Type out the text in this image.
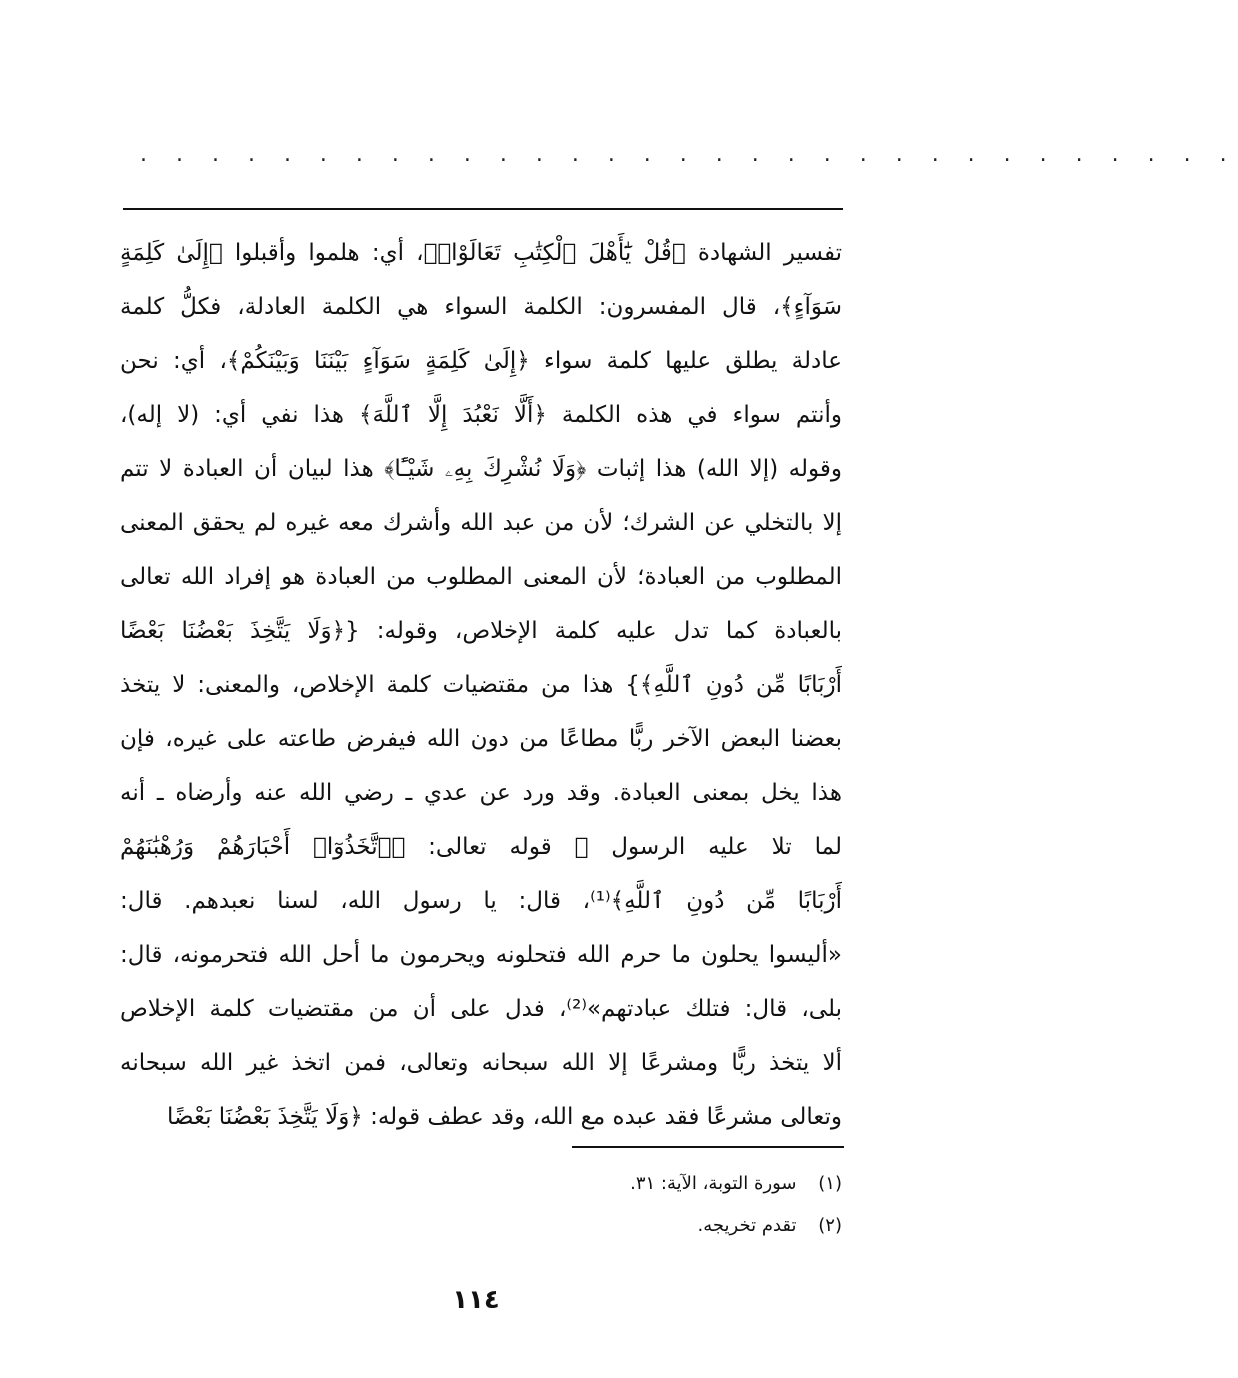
. . . . . . . . . . . . . . . . . . . . . . . . . . . . . . .
تفسير الشهادة ﴿قُلْ يَٰٓأَهْلَ ٱلْكِتَٰبِ تَعَالَوْا۟﴾، أي: هلموا وأقبلوا ﴿إِلَىٰ كَلِمَةٍ
سَوَآءٍ﴾، قال المفسرون: الكلمة السواء هي الكلمة العادلة، فكلُّ كلمة
عادلة يطلق عليها كلمة سواء ﴿إِلَىٰ كَلِمَةٍ سَوَآءٍ بَيْنَنَا وَبَيْنَكُمْ﴾، أي: نحن
وأنتم سواء في هذه الكلمة ﴿أَلَّا نَعْبُدَ إِلَّا ٱللَّهَ﴾ هذا نفي أي: (لا إله)،
وقوله (إلا الله) هذا إثبات ﴿وَلَا نُشْرِكَ بِهِۦ شَيْـًٔا﴾ هذا لبيان أن العبادة لا تتم
إلا بالتخلي عن الشرك؛ لأن من عبد الله وأشرك معه غيره لم يحقق المعنى
المطلوب من العبادة؛ لأن المعنى المطلوب من العبادة هو إفراد الله تعالى
بالعبادة كما تدل عليه كلمة الإخلاص، وقوله: {﴿وَلَا يَتَّخِذَ بَعْضُنَا بَعْضًا
أَرْبَابًا مِّن دُونِ ٱللَّهِ﴾} هذا من مقتضيات كلمة الإخلاص، والمعنى: لا يتخذ
بعضنا البعض الآخر ربًّا مطاعًا من دون الله فيفرض طاعته على غيره، فإن
هذا يخل بمعنى العبادة. وقد ورد عن عدي ـ رضي الله عنه وأرضاه ـ أنه
لما تلا عليه الرسول ﷺ قوله تعالى: ﴿ٱتَّخَذُوٓا۟ أَحْبَارَهُمْ وَرُهْبَٰنَهُمْ
أَرْبَابًا مِّن دُونِ ٱللَّهِ﴾⁽¹⁾، قال: يا رسول الله، لسنا نعبدهم. قال:
«أليسوا يحلون ما حرم الله فتحلونه ويحرمون ما أحل الله فتحرمونه، قال:
بلى، قال: فتلك عبادتهم»⁽²⁾، فدل على أن من مقتضيات كلمة الإخلاص
ألا يتخذ ربًّا ومشرعًا إلا الله سبحانه وتعالى، فمن اتخذ غير الله سبحانه
وتعالى مشرعًا فقد عبده مع الله، وقد عطف قوله: ﴿وَلَا يَتَّخِذَ بَعْضُنَا بَعْضًا
(١) سورة التوبة، الآية: ٣١.
(٢) تقدم تخريجه.
١١٤
